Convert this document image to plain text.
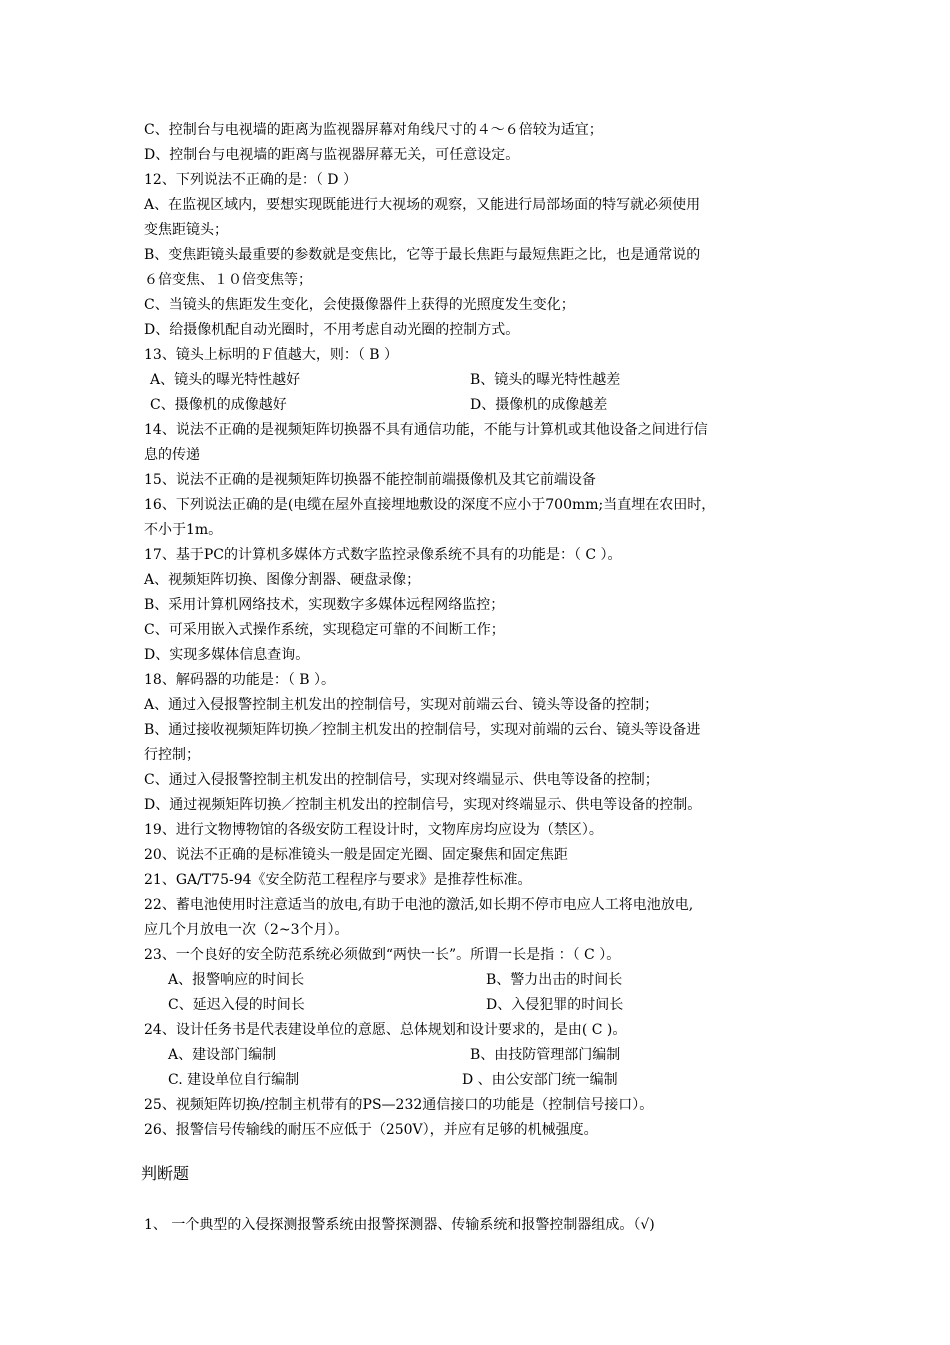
C、控制台与电视墙的距离为监视器屏幕对角线尺寸的４～６倍较为适宜；
D、控制台与电视墙的距离与监视器屏幕无关，可任意设定。
12、下列说法不正确的是：（ D ）
A、在监视区域内，要想实现既能进行大视场的观察，又能进行局部场面的特写就必须使用
变焦距镜头；
B、变焦距镜头最重要的参数就是变焦比，它等于最长焦距与最短焦距之比，也是通常说的
６倍变焦、１０倍变焦等；
C、当镜头的焦距发生变化，会使摄像器件上获得的光照度发生变化；
D、给摄像机配自动光圈时，不用考虑自动光圈的控制方式。
13、镜头上标明的Ｆ值越大，则：（ B ）
A、镜头的曝光特性越好	B、镜头的曝光特性越差
C、摄像机的成像越好	D、摄像机的成像越差
14、说法不正确的是视频矩阵切换器不具有通信功能，不能与计算机或其他设备之间进行信
息的传递
15、说法不正确的是视频矩阵切换器不能控制前端摄像机及其它前端设备
16、下列说法正确的是(电缆在屋外直接埋地敷设的深度不应小于700mm;当直埋在农田时，
不小于1m。
17、基于PC的计算机多媒体方式数字监控录像系统不具有的功能是：（ C ）。
A、视频矩阵切换、图像分割器、硬盘录像；
B、采用计算机网络技术，实现数字多媒体远程网络监控；
C、可采用嵌入式操作系统，实现稳定可靠的不间断工作；
D、实现多媒体信息查询。
18、解码器的功能是：（ B ）。
A、通过入侵报警控制主机发出的控制信号，实现对前端云台、镜头等设备的控制；
B、通过接收视频矩阵切换／控制主机发出的控制信号，实现对前端的云台、镜头等设备进
行控制；
C、通过入侵报警控制主机发出的控制信号，实现对终端显示、供电等设备的控制；
D、通过视频矩阵切换／控制主机发出的控制信号，实现对终端显示、供电等设备的控制。
19、进行文物博物馆的各级安防工程设计时，文物库房均应设为（禁区）。
20、说法不正确的是标准镜头一般是固定光圈、固定聚焦和固定焦距
21、GA/T75-94《安全防范工程程序与要求》是推荐性标准。
22、蓄电池使用时注意适当的放电,有助于电池的激活,如长期不停市电应人工将电池放电,
应几个月放电一次（2~3个月）。
23、一个良好的安全防范系统必须做到“两快一长”。所谓一长是指 ：（ C ）。
A、报警响应的时间长	B、警力出击的时间长
C、延迟入侵的时间长	D、入侵犯罪的时间长
24、设计任务书是代表建设单位的意愿、总体规划和设计要求的，是由( C )。
A、建设部门编制	B、由技防管理部门编制
C. 建设单位自行编制	D 、由公安部门统一编制
25、视频矩阵切换/控制主机带有的PS—232通信接口的功能是（控制信号接口）。
26、报警信号传输线的耐压不应低于（250V），并应有足够的机械强度。
判断题
1、 一个典型的入侵探测报警系统由报警探测器、传输系统和报警控制器组成。（√)
